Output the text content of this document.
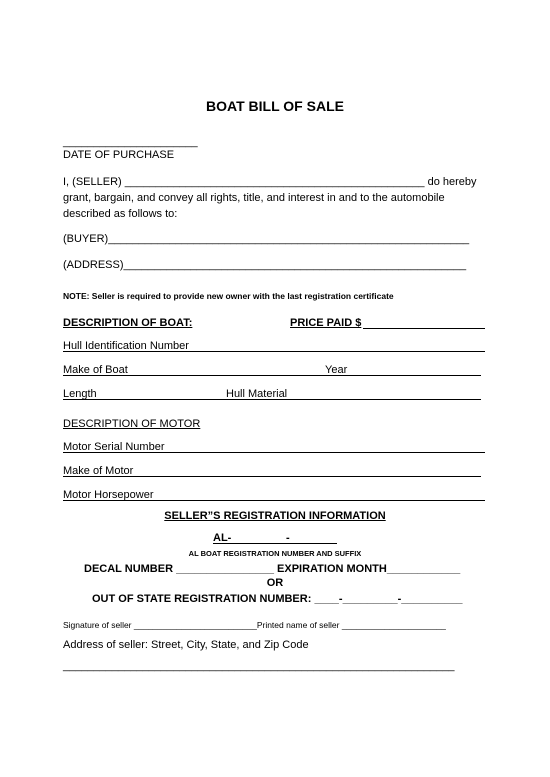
BOAT BILL OF SALE
______________________
DATE OF PURCHASE
I, (SELLER) _________________________________________________ do hereby
grant, bargain, and convey all rights, title, and interest in and to the automobile described as follows to:
(BUYER)___________________________________________________________
(ADDRESS)________________________________________________________
NOTE: Seller is required to provide new owner with the last registration certificate
DESCRIPTION OF BOAT:	PRICE PAID $
Hull Identification Number
Make of Boat	Year
Length	Hull Material
DESCRIPTION OF MOTOR
Motor Serial Number
Make of Motor
Motor Horsepower
SELLER”S REGISTRATION INFORMATION
AL-	-
AL BOAT REGISTRATION NUMBER AND SUFFIX
DECAL NUMBER ________________ EXPIRATION MONTH____________
OR
OUT OF STATE REGISTRATION NUMBER: ____-_________-__________
Signature of seller __________________________Printed name of seller ______________________
Address of seller: Street, City, State, and Zip Code
________________________________________________________________
